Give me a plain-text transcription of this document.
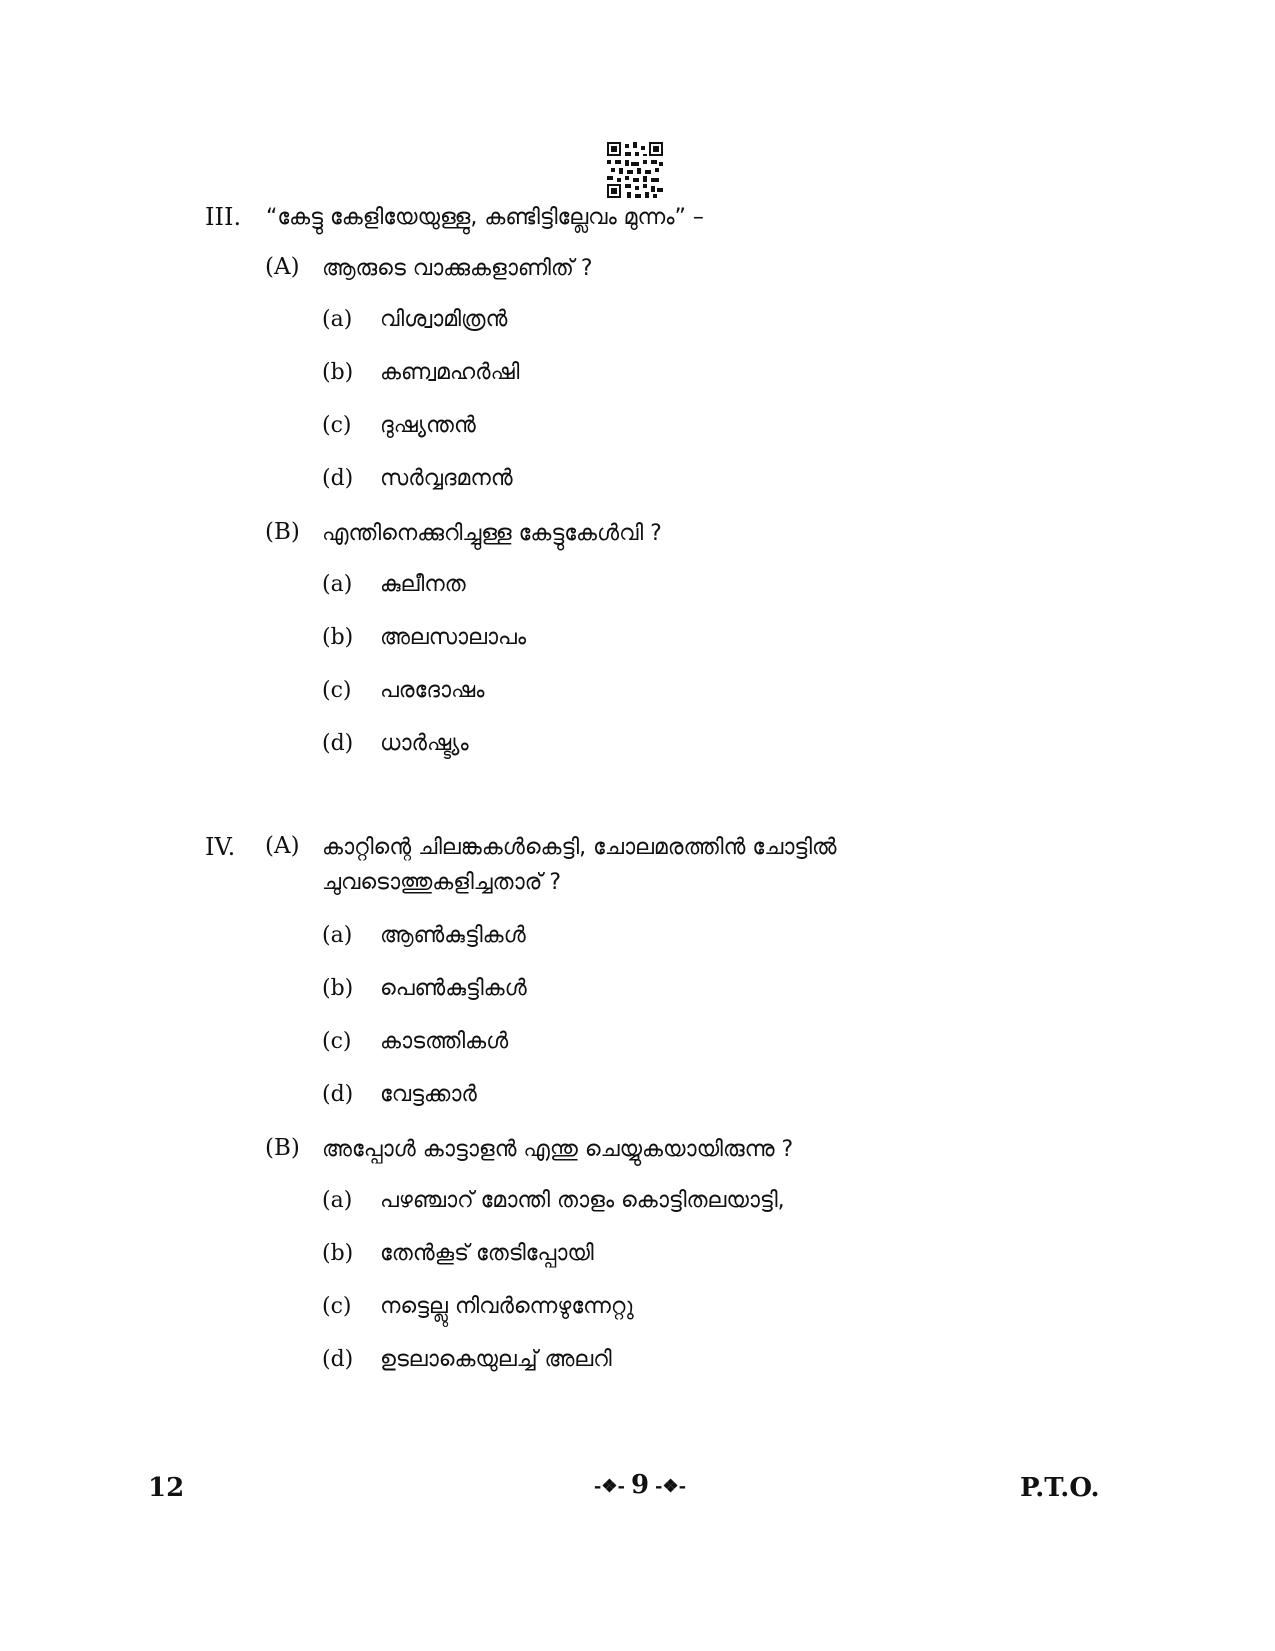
III. “കേട്ടു കേളിയേയുള്ളു, കണ്ടിട്ടില്ലേവം മുന്നം” –
(A) ആരുടെ വാക്കുകളാണിത് ?
(a) വിശ്വാമിത്രൻ
(b) കണ്വമഹർഷി
(c) ദുഷ്യന്തൻ
(d) സർവ്വദമനൻ
(B) എന്തിനെക്കുറിച്ചുള്ള കേട്ടുകേൾവി ?
(a) കുലീനത
(b) അലസാലാപം
(c) പരദോഷം
(d) ധാർഷ്ട്യം
IV. (A) കാറ്റിന്റെ ചിലങ്കകൾകെട്ടി, ചോലമരത്തിൻ ചോട്ടിൽ
ചുവടൊത്തുകളിച്ചതാര് ?
(a) ആൺകുട്ടികൾ
(b) പെൺകുട്ടികൾ
(c) കാടത്തികൾ
(d) വേട്ടക്കാർ
(B) അപ്പോൾ കാട്ടാളൻ എന്തു ചെയ്യുകയായിരുന്നു ?
(a) പഴഞ്ചാറ് മോന്തി താളം കൊട്ടിതലയാട്ടി,
(b) തേൻകൂട് തേടിപ്പോയി
(c) നട്ടെല്ലു നിവർന്നെഴുന്നേറ്റു
(d) ഉടലാകെയുലച്ച് അലറി
12	-❖- 9 -❖-	P.T.O.
